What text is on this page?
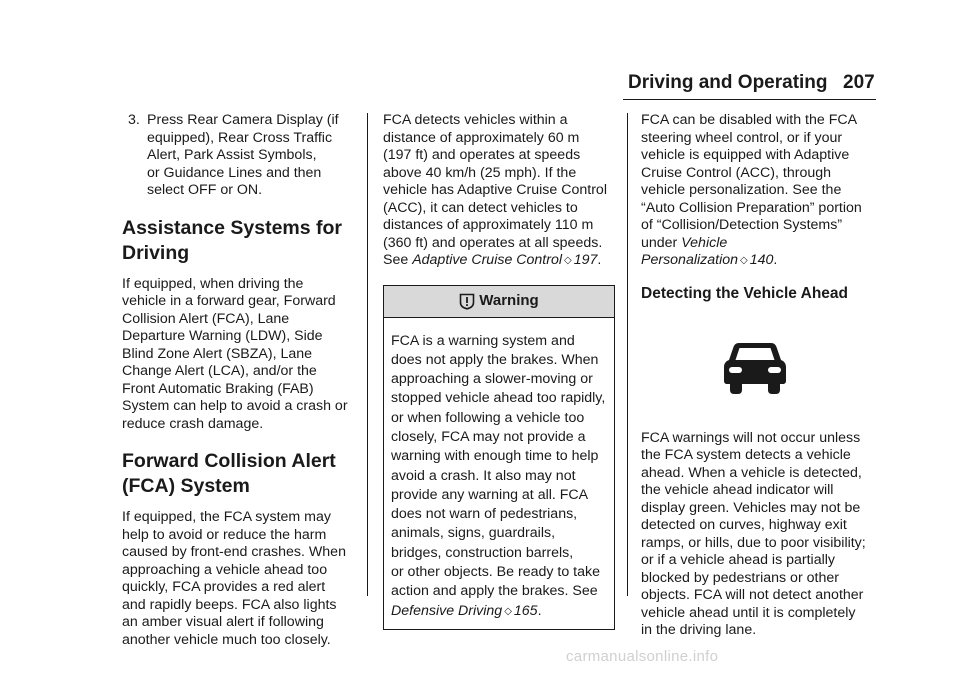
Driving and Operating 207
3. Press Rear Camera Display (if
equipped), Rear Cross Traffic
Alert, Park Assist Symbols,
or Guidance Lines and then
select OFF or ON.
Assistance Systems for
Driving

If equipped, when driving the
vehicle in a forward gear, Forward
Collision Alert (FCA), Lane
Departure Warning (LDW), Side
Blind Zone Alert (SBZA), Lane
Change Alert (LCA), and/or the
Front Automatic Braking (FAB)
System can help to avoid a crash or
reduce crash damage.

Forward Collision Alert
(FCA) System

If equipped, the FCA system may
help to avoid or reduce the harm
caused by front-end crashes. When
approaching a vehicle ahead too
quickly, FCA provides a red alert
and rapidly beeps. FCA also lights
an amber visual alert if following
another vehicle much too closely.

FCA detects vehicles within a
distance of approximately 60 m
(197 ft) and operates at speeds
above 40 km/h (25 mph). If the
vehicle has Adaptive Cruise Control
(ACC), it can detect vehicles to
distances of approximately 110 m
(360 ft) and operates at all speeds.
See Adaptive Cruise Control ◇ 197.

Warning
FCA is a warning system and
does not apply the brakes. When
approaching a slower-moving or
stopped vehicle ahead too rapidly,
or when following a vehicle too
closely, FCA may not provide a
warning with enough time to help
avoid a crash. It also may not
provide any warning at all. FCA
does not warn of pedestrians,
animals, signs, guardrails,
bridges, construction barrels,
or other objects. Be ready to take
action and apply the brakes. See
Defensive Driving ◇ 165.

FCA can be disabled with the FCA
steering wheel control, or if your
vehicle is equipped with Adaptive
Cruise Control (ACC), through
vehicle personalization. See the
“Auto Collision Preparation” portion
of “Collision/Detection Systems”
under Vehicle
Personalization ◇ 140.

Detecting the Vehicle Ahead

FCA warnings will not occur unless
the FCA system detects a vehicle
ahead. When a vehicle is detected,
the vehicle ahead indicator will
display green. Vehicles may not be
detected on curves, highway exit
ramps, or hills, due to poor visibility;
or if a vehicle ahead is partially
blocked by pedestrians or other
objects. FCA will not detect another
vehicle ahead until it is completely
in the driving lane.

carmanualsonline.info
